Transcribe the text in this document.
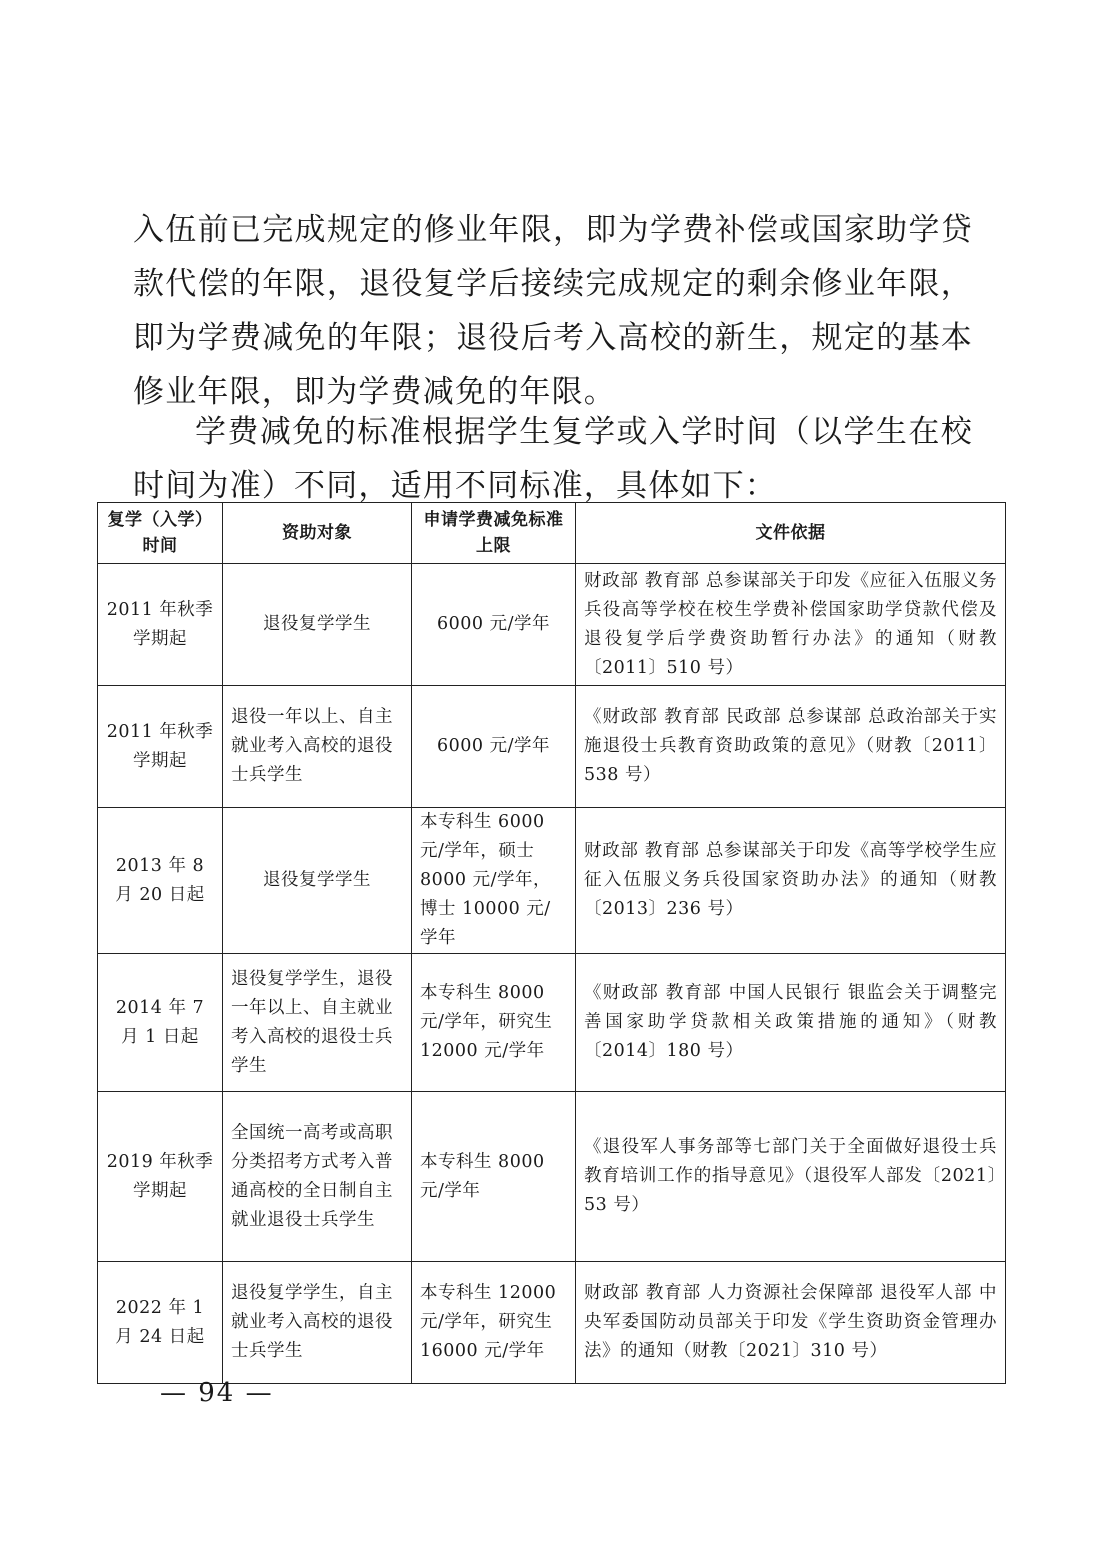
入伍前已完成规定的修业年限，即为学费补偿或国家助学贷款代偿的年限，退役复学后接续完成规定的剩余修业年限，即为学费减免的年限；退役后考入高校的新生，规定的基本修业年限，即为学费减免的年限。

学费减免的标准根据学生复学或入学时间（以学生在校时间为准）不同，适用不同标准，具体如下：

复学（入学）时间	资助对象	申请学费减免标准上限	文件依据
2011 年秋季学期起	退役复学学生	6000 元/学年	财政部 教育部 总参谋部关于印发《应征入伍服义务兵役高等学校在校生学费补偿国家助学贷款代偿及退役复学后学费资助暂行办法》的通知（财教〔2011〕510 号）
2011 年秋季学期起	退役一年以上、自主就业考入高校的退役士兵学生	6000 元/学年	《财政部 教育部 民政部 总参谋部 总政治部关于实施退役士兵教育资助政策的意见》（财教〔2011〕538 号）
2013 年 8 月 20 日起	退役复学学生	本专科生 6000 元/学年，硕士 8000 元/学年，博士 10000 元/学年	财政部 教育部 总参谋部关于印发《高等学校学生应征入伍服义务兵役国家资助办法》的通知（财教〔2013〕236 号）
2014 年 7 月 1 日起	退役复学学生，退役一年以上、自主就业考入高校的退役士兵学生	本专科生 8000 元/学年，研究生 12000 元/学年	《财政部 教育部 中国人民银行 银监会关于调整完善国家助学贷款相关政策措施的通知》（财教〔2014〕180 号）
2019 年秋季学期起	全国统一高考或高职分类招考方式考入普通高校的全日制自主就业退役士兵学生	本专科生 8000 元/学年	《退役军人事务部等七部门关于全面做好退役士兵教育培训工作的指导意见》（退役军人部发〔2021〕53 号）
2022 年 1 月 24 日起	退役复学学生，自主就业考入高校的退役士兵学生	本专科生 12000 元/学年，研究生 16000 元/学年	财政部 教育部 人力资源社会保障部 退役军人部 中央军委国防动员部关于印发《学生资助资金管理办法》的通知（财教〔2021〕310 号）
— 94 —
